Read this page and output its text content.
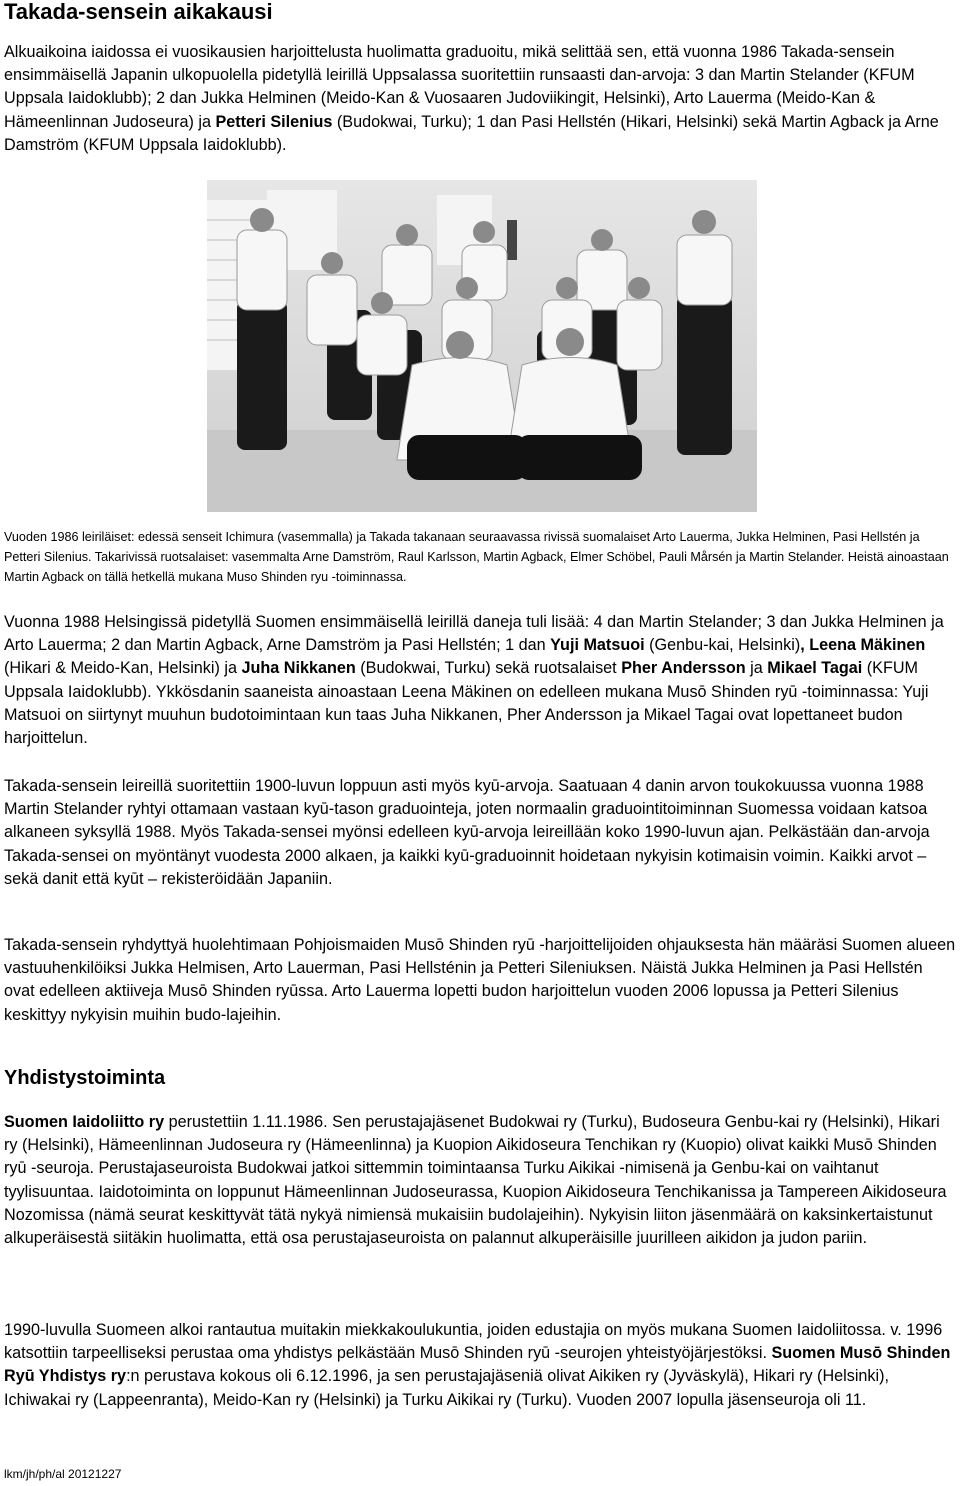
Takada-sensein aikakausi

Alkuaikoina iaidossa ei vuosikausien harjoittelusta huolimatta graduoitu, mikä selittää sen, että vuonna 1986 Takada-sensein ensimmäisellä Japanin ulkopuolella pidetyllä leirillä Uppsalassa suoritettiin runsaasti dan-arvoja: 3 dan Martin Stelander (KFUM Uppsala Iaidoklubb); 2 dan Jukka Helminen (Meido-Kan & Vuosaaren Judoviikingit, Helsinki), Arto Lauerma (Meido-Kan & Hämeenlinnan Judoseura) ja Petteri Silenius (Budokwai, Turku); 1 dan Pasi Hellstén (Hikari, Helsinki) sekä Martin Agback ja Arne Damström (KFUM Uppsala Iaidoklubb).

Vuoden 1986 leiriläiset: edessä senseit Ichimura (vasemmalla) ja Takada takanaan seuraavassa rivissä suomalaiset Arto Lauerma, Jukka Helminen, Pasi Hellstén ja Petteri Silenius. Takarivissä ruotsalaiset: vasemmalta Arne Damström, Raul Karlsson, Martin Agback, Elmer Schöbel, Pauli Mårsén ja Martin Stelander. Heistä ainoastaan Martin Agback on tällä hetkellä mukana Muso Shinden ryu -toiminnassa.

Vuonna 1988 Helsingissä pidetyllä Suomen ensimmäisellä leirillä daneja tuli lisää: 4 dan Martin Stelander; 3 dan Jukka Helminen ja Arto Lauerma; 2 dan Martin Agback, Arne Damström ja Pasi Hellstén; 1 dan Yuji Matsuoi (Genbu-kai, Helsinki), Leena Mäkinen (Hikari & Meido-Kan, Helsinki) ja Juha Nikkanen (Budokwai, Turku) sekä ruotsalaiset Pher Andersson ja Mikael Tagai (KFUM Uppsala Iaidoklubb). Ykkösdanin saaneista ainoastaan Leena Mäkinen on edelleen mukana Musō Shinden ryū -toiminnassa: Yuji Matsuoi on siirtynyt muuhun budotoimintaan kun taas Juha Nikkanen, Pher Andersson ja Mikael Tagai ovat lopettaneet budon harjoittelun.

Takada-sensein leireillä suoritettiin 1900-luvun loppuun asti myös kyū-arvoja. Saatuaan 4 danin arvon toukokuussa vuonna 1988 Martin Stelander ryhtyi ottamaan vastaan kyū-tason graduointeja, joten normaalin graduointitoiminnan Suomessa voidaan katsoa alkaneen syksyllä 1988. Myös Takada-sensei myönsi edelleen kyū-arvoja leireillään koko 1990-luvun ajan. Pelkästään dan-arvoja Takada-sensei on myöntänyt vuodesta 2000 alkaen, ja kaikki kyū-graduoinnit hoidetaan nykyisin kotimaisin voimin. Kaikki arvot – sekä danit että kyūt – rekisteröidään Japaniin.

Takada-sensein ryhdyttyä huolehtimaan Pohjoismaiden Musō Shinden ryū -harjoittelijoiden ohjauksesta hän määräsi Suomen alueen vastuuhenkilöiksi Jukka Helmisen, Arto Lauerman, Pasi Hellsténin ja Petteri Sileniuksen. Näistä Jukka Helminen ja Pasi Hellstén ovat edelleen aktiiveja Musō Shinden ryūssa. Arto Lauerma lopetti budon harjoittelun vuoden 2006 lopussa ja Petteri Silenius keskittyy nykyisin muihin budo-lajeihin.

Yhdistystoiminta

Suomen Iaidoliitto ry perustettiin 1.11.1986. Sen perustajajäsenet Budokwai ry (Turku), Budoseura Genbu-kai ry (Helsinki), Hikari ry (Helsinki), Hämeenlinnan Judoseura ry (Hämeenlinna) ja Kuopion Aikidoseura Tenchikan ry (Kuopio) olivat kaikki Musō Shinden ryū -seuroja. Perustajaseuroista Budokwai jatkoi sittemmin toimintaansa Turku Aikikai -nimisenä ja Genbu-kai on vaihtanut tyylisuuntaa. Iaidotoiminta on loppunut Hämeenlinnan Judoseurassa, Kuopion Aikidoseura Tenchikanissa ja Tampereen Aikidoseura Nozomissa (nämä seurat keskittyvät tätä nykyä nimiensä mukaisiin budolajeihin). Nykyisin liiton jäsenmäärä on kaksinkertaistunut alkuperäisestä siitäkin huolimatta, että osa perustajaseuroista on palannut alkuperäisille juurilleen aikidon ja judon pariin.

1990-luvulla Suomeen alkoi rantautua muitakin miekkakoulukuntia, joiden edustajia on myös mukana Suomen Iaidoliitossa. v. 1996 katsottiin tarpeelliseksi perustaa oma yhdistys pelkästään Musō Shinden ryū -seurojen yhteistyöjärjestöksi. Suomen Musō Shinden Ryū Yhdistys ry:n perustava kokous oli 6.12.1996, ja sen perustajajäseniä olivat Aikiken ry (Jyväskylä), Hikari ry (Helsinki), Ichiwakai ry (Lappeenranta), Meido-Kan ry (Helsinki) ja Turku Aikikai ry (Turku). Vuoden 2007 lopulla jäsenseuroja oli 11.

lkm/jh/ph/al 20121227
